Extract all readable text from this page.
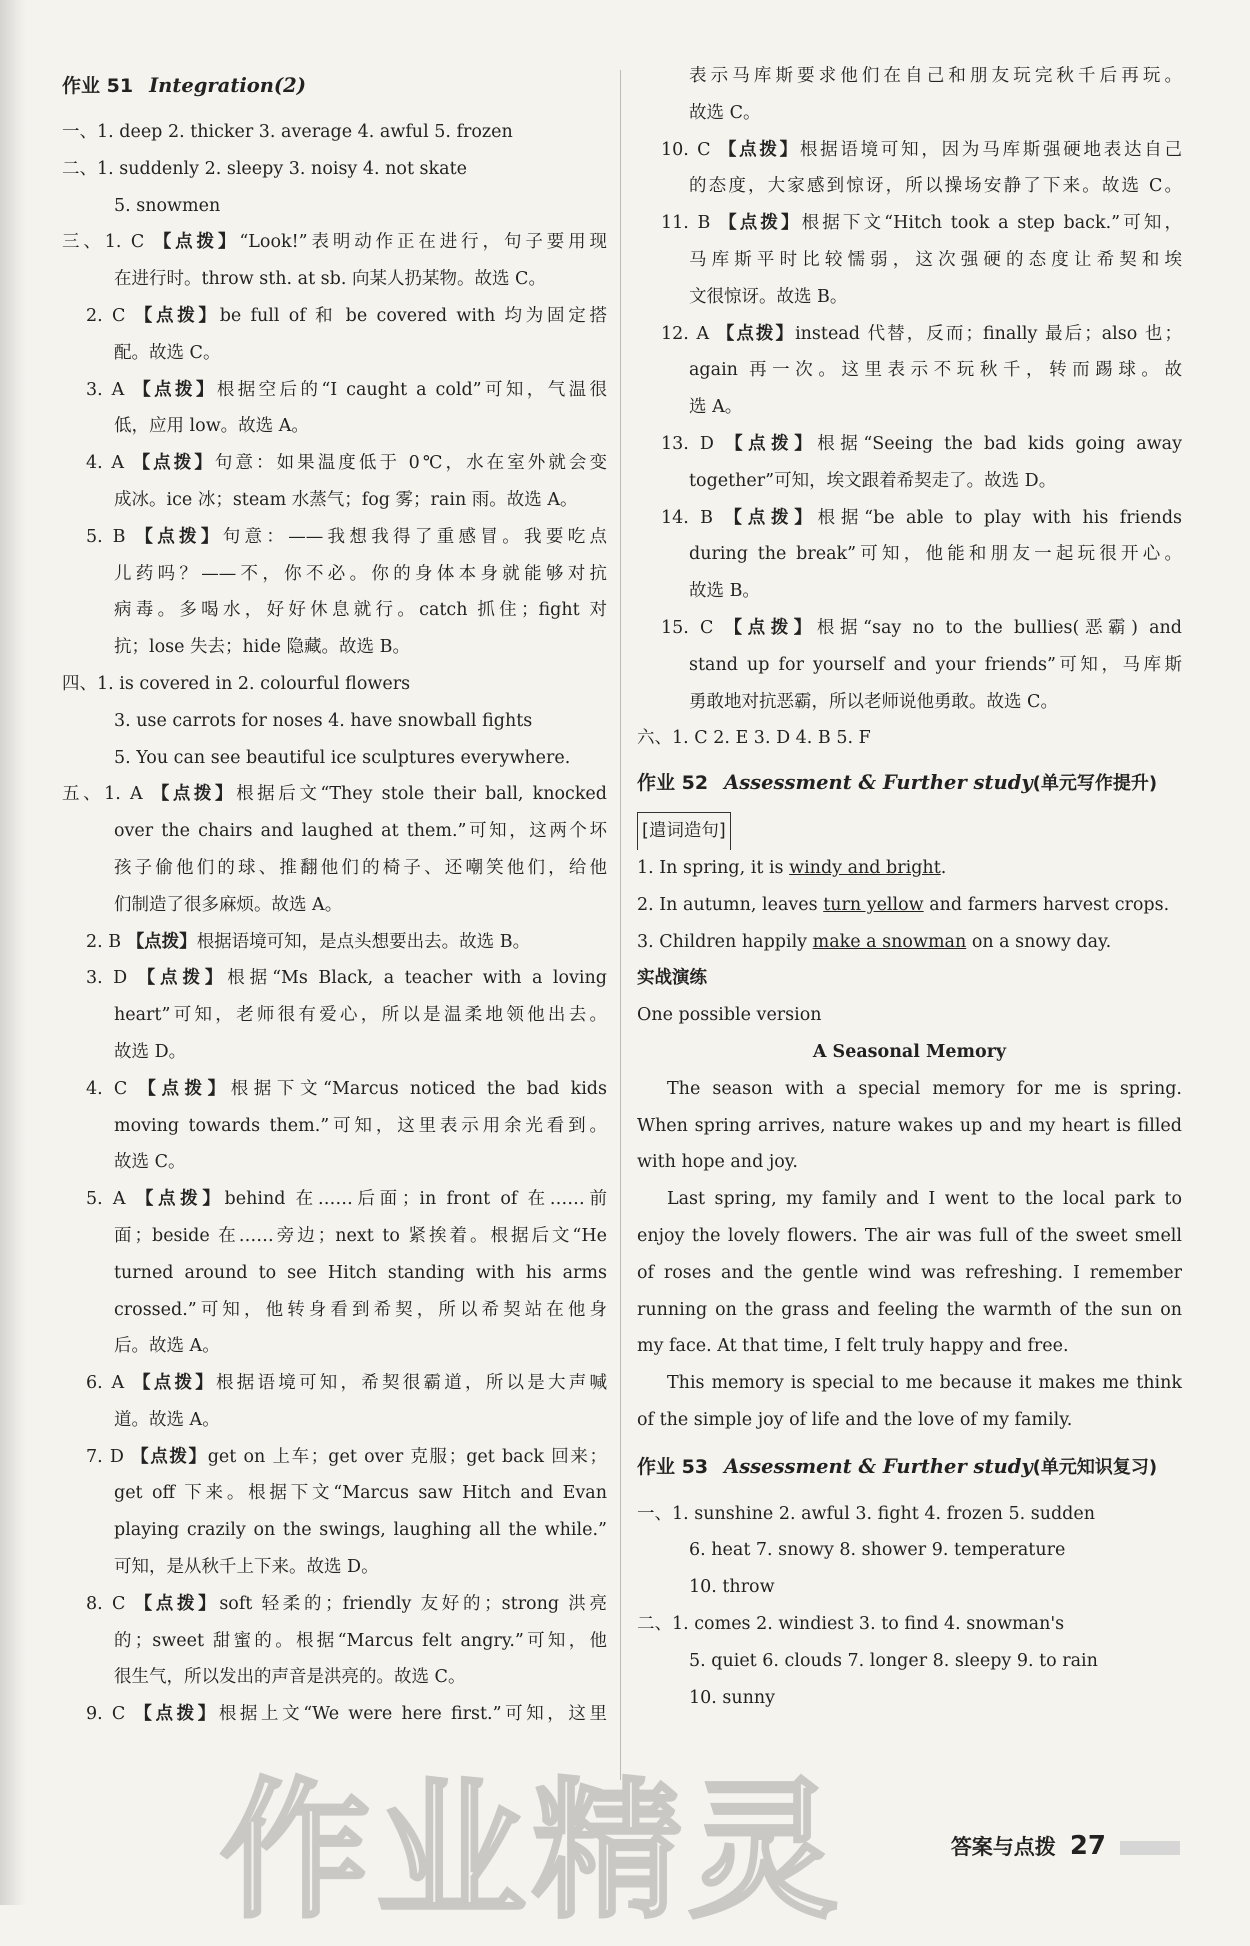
作业 51 Integration(2)
一、1. deep 2. thicker 3. average 4. awful 5. frozen
二、1. suddenly 2. sleepy 3. noisy 4. not skate
5. snowmen
三、1. C 【点拨】“Look!”表明动作正在进行，句子要用现
在进行时。throw sth. at sb. 向某人扔某物。故选 C。
2. C 【点拨】be full of 和 be covered with 均为固定搭
配。故选 C。
3. A 【点拨】根据空后的“I caught a cold”可知，气温很
低，应用 low。故选 A。
4. A 【点拨】句意：如果温度低于 0℃，水在室外就会变
成冰。ice 冰；steam 水蒸气；fog 雾；rain 雨。故选 A。
5. B 【点拨】句意：——我想我得了重感冒。我要吃点
儿药吗？——不，你不必。你的身体本身就能够对抗
病毒。多喝水，好好休息就行。catch 抓住；fight 对
抗；lose 失去；hide 隐藏。故选 B。
四、1. is covered in 2. colourful flowers
3. use carrots for noses 4. have snowball fights
5. You can see beautiful ice sculptures everywhere.
五、1. A 【点拨】根据后文“They stole their ball, knocked
over the chairs and laughed at them.”可知，这两个坏
孩子偷他们的球、推翻他们的椅子、还嘲笑他们，给他
们制造了很多麻烦。故选 A。
2. B 【点拨】根据语境可知，是点头想要出去。故选 B。
3. D 【点拨】根据“Ms Black, a teacher with a loving
heart”可知，老师很有爱心，所以是温柔地领他出去。
故选 D。
4. C 【点拨】根据下文“Marcus noticed the bad kids
moving towards them.”可知，这里表示用余光看到。
故选 C。
5. A 【点拨】behind 在……后面；in front of 在……前
面；beside 在……旁边；next to 紧挨着。根据后文“He
turned around to see Hitch standing with his arms
crossed.”可知，他转身看到希契，所以希契站在他身
后。故选 A。
6. A 【点拨】根据语境可知，希契很霸道，所以是大声喊
道。故选 A。
7. D 【点拨】get on 上车；get over 克服；get back 回来；
get off 下来。根据下文“Marcus saw Hitch and Evan
playing crazily on the swings, laughing all the while.”
可知，是从秋千上下来。故选 D。
8. C 【点拨】soft 轻柔的；friendly 友好的；strong 洪亮
的；sweet 甜蜜的。根据“Marcus felt angry.”可知，他
很生气，所以发出的声音是洪亮的。故选 C。
9. C 【点拨】根据上文“We were here first.”可知，这里
表示马库斯要求他们在自己和朋友玩完秋千后再玩。
故选 C。
10. C 【点拨】根据语境可知，因为马库斯强硬地表达自己
的态度，大家感到惊讶，所以操场安静了下来。故选 C。
11. B 【点拨】根据下文“Hitch took a step back.”可知，
马库斯平时比较懦弱，这次强硬的态度让希契和埃
文很惊讶。故选 B。
12. A 【点拨】instead 代替，反而；finally 最后；also 也；
again 再一次。这里表示不玩秋千，转而踢球。故
选 A。
13. D 【点拨】根据“Seeing the bad kids going away
together”可知，埃文跟着希契走了。故选 D。
14. B 【点拨】根据“be able to play with his friends
during the break”可知，他能和朋友一起玩很开心。
故选 B。
15. C 【点拨】根据“say no to the bullies(恶霸) and
stand up for yourself and your friends”可知，马库斯
勇敢地对抗恶霸，所以老师说他勇敢。故选 C。
六、1. C 2. E 3. D 4. B 5. F
作业 52 Assessment & Further study(单元写作提升)
[遣词造句]
1. In spring, it is windy and bright.
2. In autumn, leaves turn yellow and farmers harvest crops.
3. Children happily make a snowman on a snowy day.
实战演练
One possible version
A Seasonal Memory
The season with a special memory for me is spring.
When spring arrives, nature wakes up and my heart is filled
with hope and joy.
Last spring, my family and I went to the local park to
enjoy the lovely flowers. The air was full of the sweet smell
of roses and the gentle wind was refreshing. I remember
running on the grass and feeling the warmth of the sun on
my face. At that time, I felt truly happy and free.
This memory is special to me because it makes me think
of the simple joy of life and the love of my family.
作业 53 Assessment & Further study(单元知识复习)
一、1. sunshine 2. awful 3. fight 4. frozen 5. sudden
6. heat 7. snowy 8. shower 9. temperature
10. throw
二、1. comes 2. windiest 3. to find 4. snowman's
5. quiet 6. clouds 7. longer 8. sleepy 9. to rain
10. sunny
作业精灵	答案与点拨 27
